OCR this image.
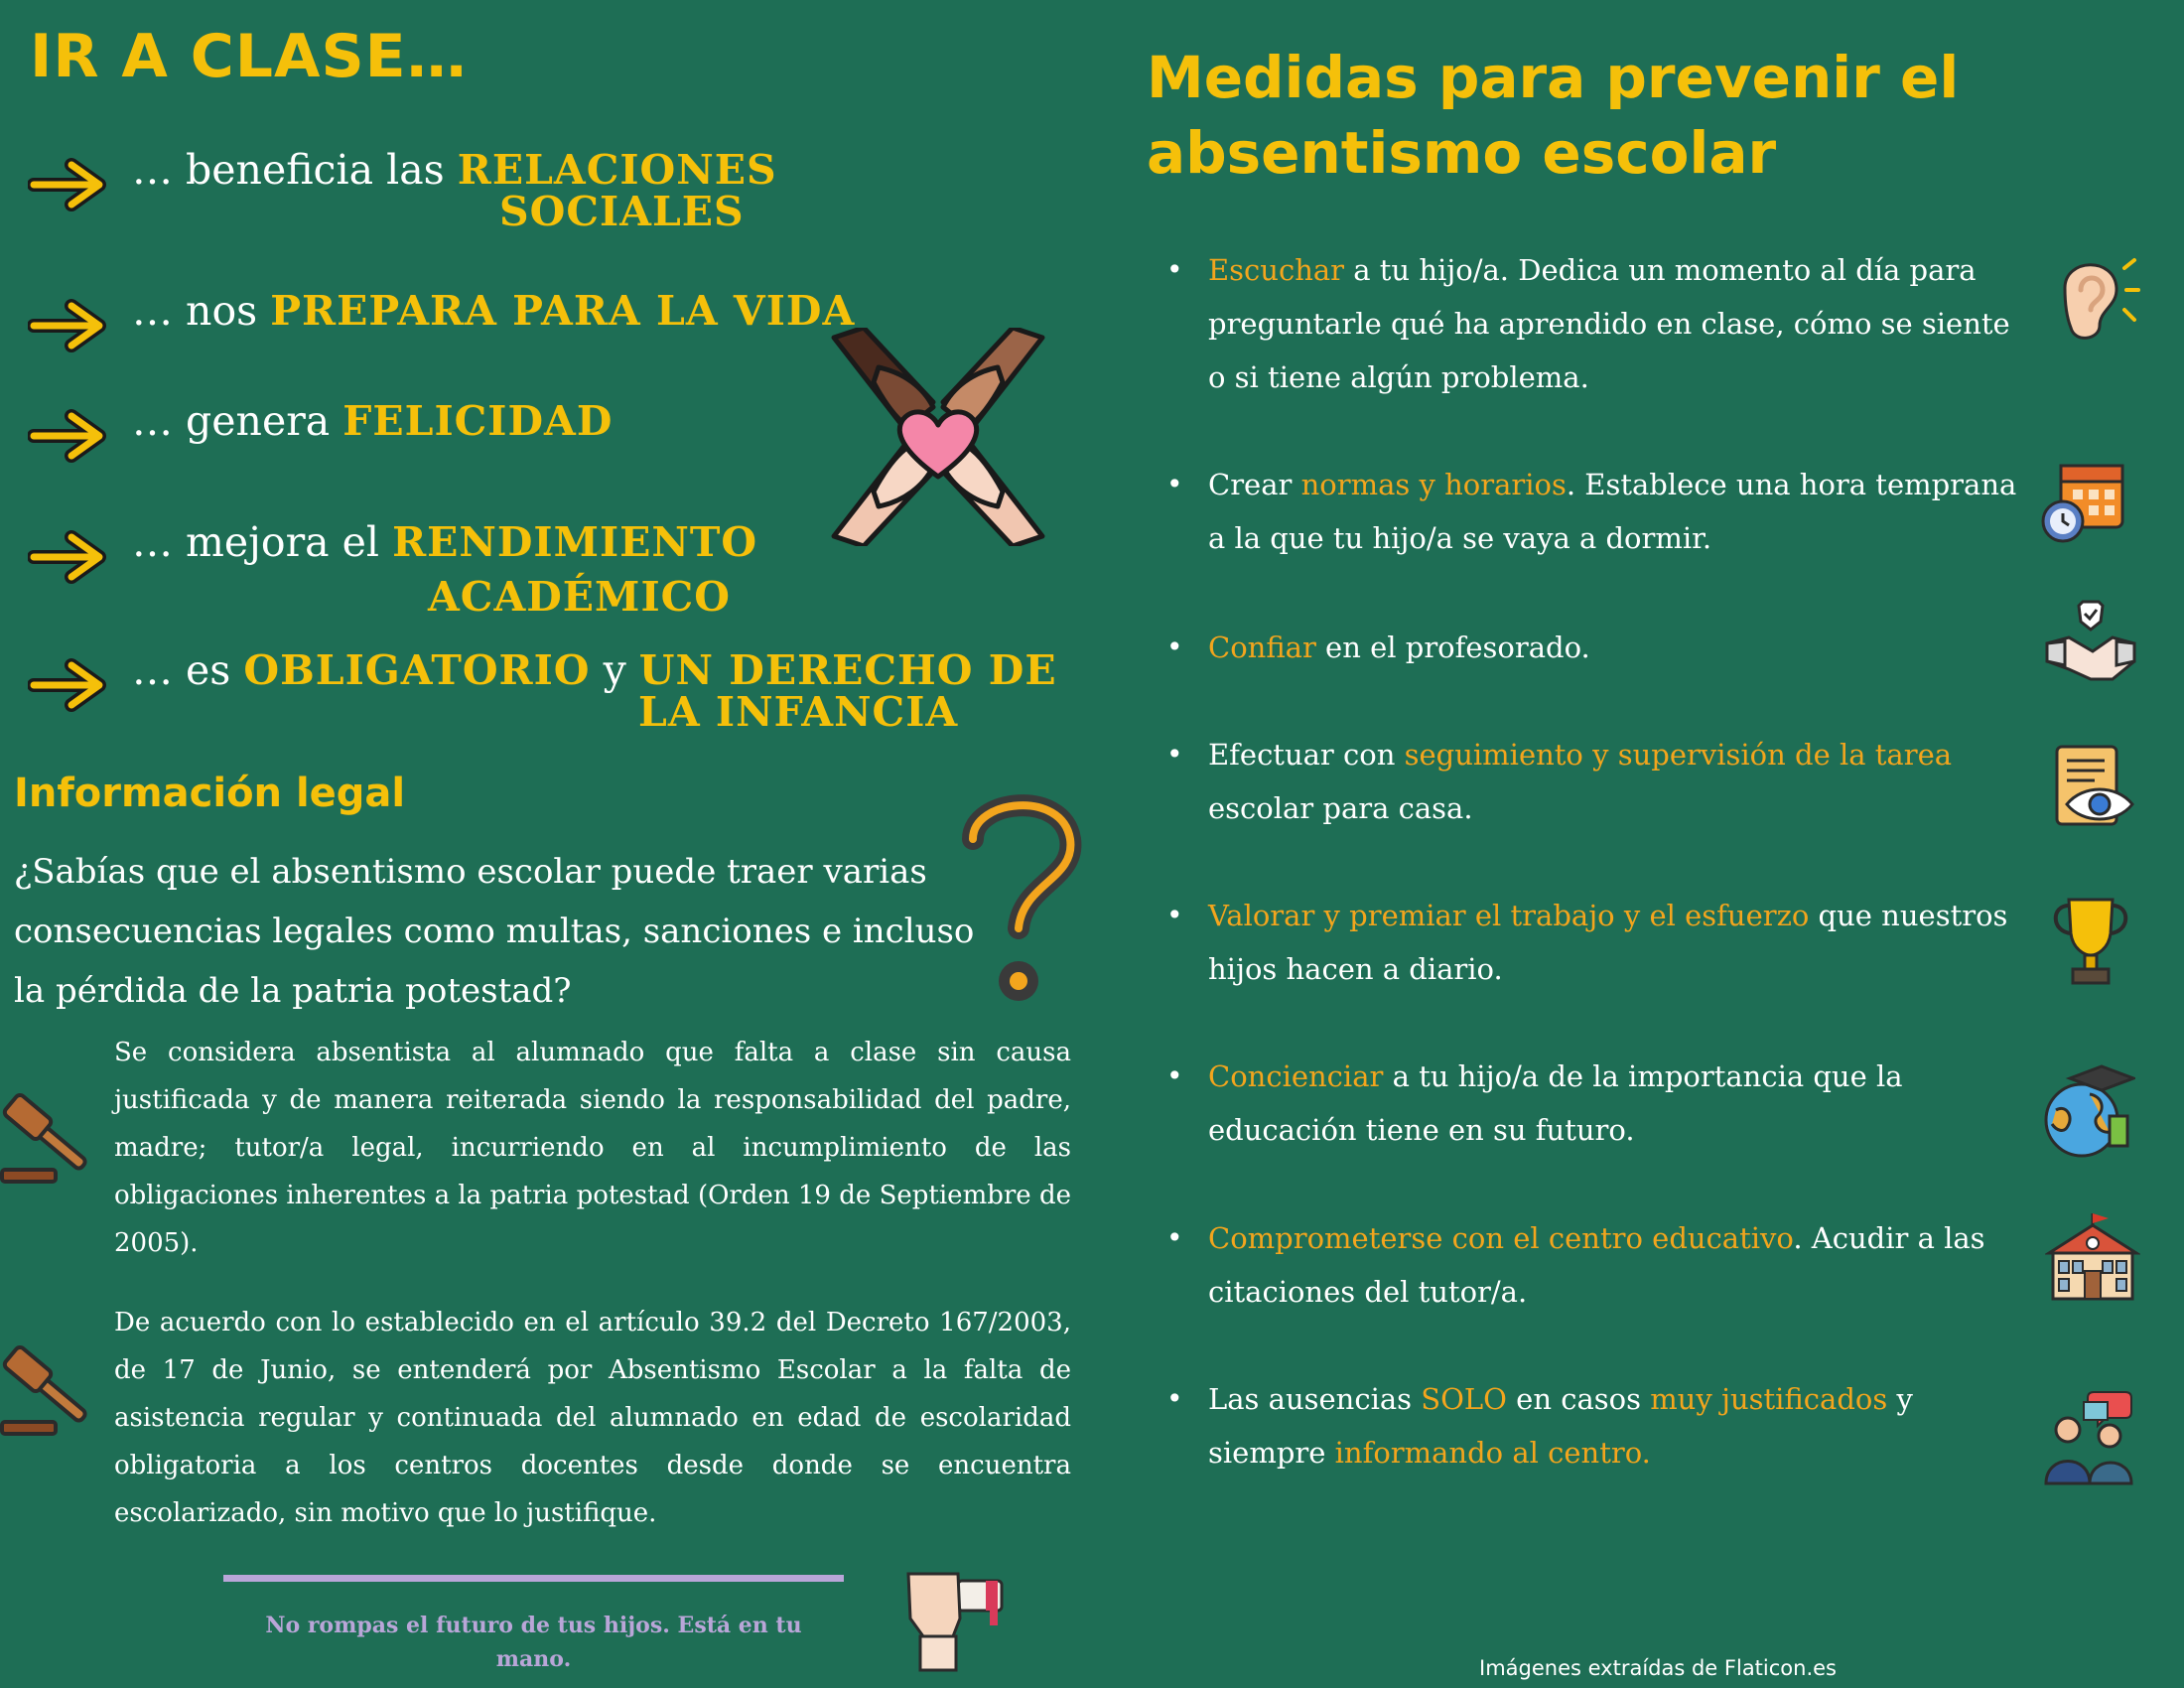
IR A CLASE…
… beneficia las RELACIONES
SOCIALES
… nos PREPARA PARA LA VIDA
… genera FELICIDAD
… mejora el RENDIMIENTO
ACADÉMICO
… es OBLIGATORIO y UN DERECHO DE
LA INFANCIA
Información legal
¿Sabías que el absentismo escolar puede traer varias consecuencias legales como multas, sanciones e incluso la pérdida de la patria potestad?
Se considera absentista al alumnado que falta a clase sin causa justificada y de manera reiterada siendo la responsabilidad del padre, madre; tutor/a legal, incurriendo en al incumplimiento de las obligaciones inherentes a la patria potestad (Orden 19 de Septiembre de 2005).
De acuerdo con lo establecido en el artículo 39.2 del Decreto 167/2003, de 17 de Junio, se entenderá por Absentismo Escolar a la falta de asistencia regular y continuada del alumnado en edad de escolaridad obligatoria a los centros docentes desde donde se encuentra escolarizado, sin motivo que lo justifique.
No rompas el futuro de tus hijos. Está en tu mano.
Medidas para prevenir el absentismo escolar
• Escuchar a tu hijo/a. Dedica un momento al día para preguntarle qué ha aprendido en clase, cómo se siente o si tiene algún problema.
• Crear normas y horarios. Establece una hora temprana a la que tu hijo/a se vaya a dormir.
• Confiar en el profesorado.
• Efectuar con seguimiento y supervisión de la tarea escolar para casa.
• Valorar y premiar el trabajo y el esfuerzo que nuestros hijos hacen a diario.
• Concienciar a tu hijo/a de la importancia que la educación tiene en su futuro.
• Comprometerse con el centro educativo. Acudir a las citaciones del tutor/a.
• Las ausencias SOLO en casos muy justificados y siempre informando al centro.
Imágenes extraídas de Flaticon.es
